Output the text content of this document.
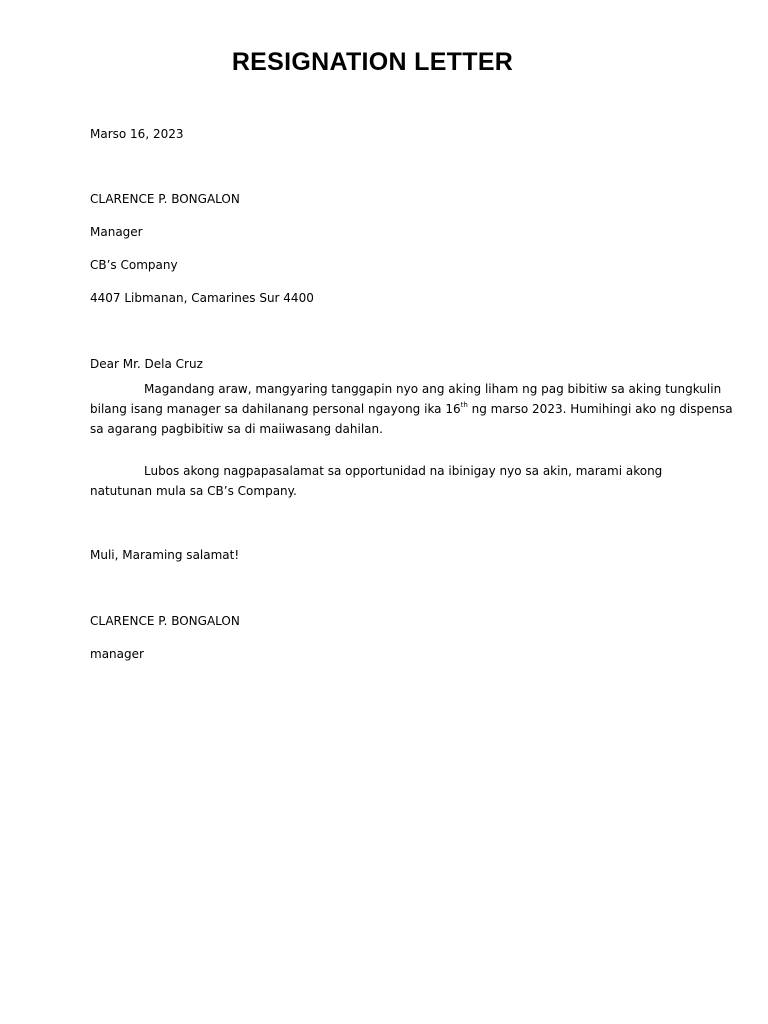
RESIGNATION LETTER
Marso 16, 2023
CLARENCE P. BONGALON
Manager
CB’s Company
4407 Libmanan, Camarines Sur 4400
Dear Mr. Dela Cruz
Magandang araw, mangyaring tanggapin nyo ang aking liham ng pag bibitiw sa aking tungkulin
bilang isang manager sa dahilanang personal ngayong ika 16th ng marso 2023. Humihingi ako ng dispensa
sa agarang pagbibitiw sa di maiiwasang dahilan.
Lubos akong nagpapasalamat sa opportunidad na ibinigay nyo sa akin, marami akong
natutunan mula sa CB’s Company.
Muli, Maraming salamat!
CLARENCE P. BONGALON
manager
